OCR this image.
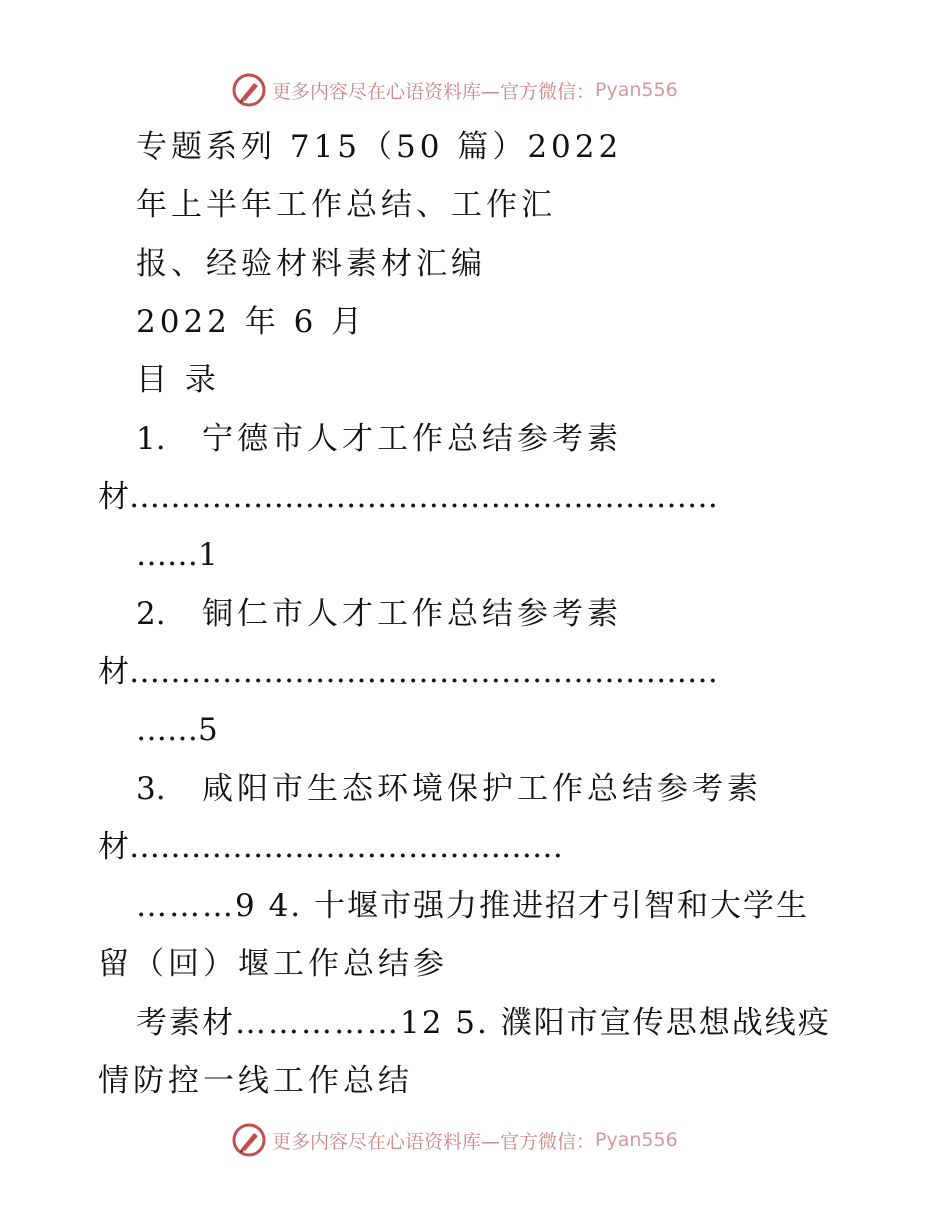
更多内容尽在心语资料库—官方微信： Pyan556
专题系列 715（50 篇）2022
年上半年工作总结、工作汇
报、经验材料素材汇编
2022 年 6 月
目 录
1. 宁德市人才工作总结参考素
材…………………………………………………
……1
2. 铜仁市人才工作总结参考素
材…………………………………………………
……5
3. 咸阳市生态环境保护工作总结参考素
材……………………………………
………9 4. 十堰市强力推进招才引智和大学生
留（回）堰工作总结参
考素材……………12 5. 濮阳市宣传思想战线疫
情防控一线工作总结
更多内容尽在心语资料库—官方微信： Pyan556
